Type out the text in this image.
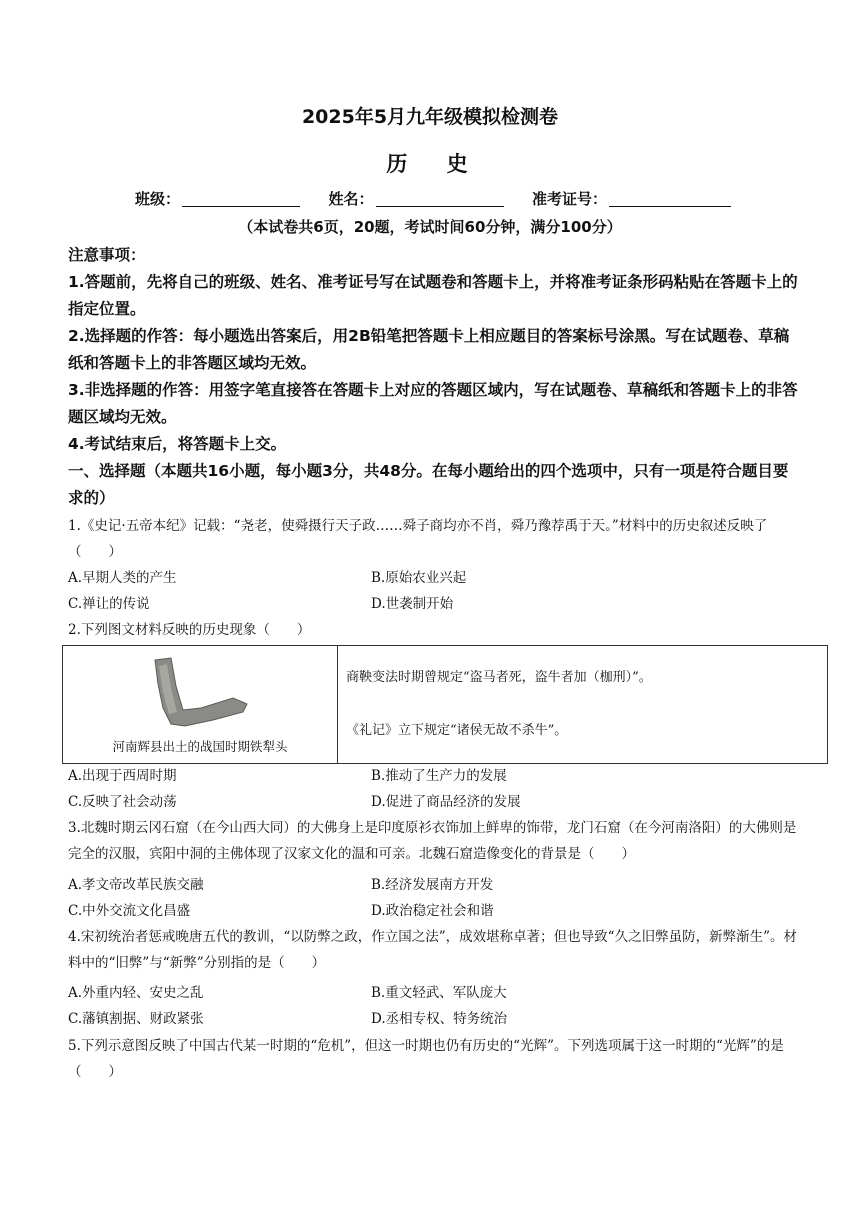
2025年5月九年级模拟检测卷
历 史
班级：	姓名：	准考证号：
（本试卷共6页，20题，考试时间60分钟，满分100分）

注意事项：

1.答题前，先将自己的班级、姓名、准考证号写在试题卷和答题卡上，并将准考证条形码粘贴在答题卡上的指定位置。

2.选择题的作答：每小题选出答案后，用2B铅笔把答题卡上相应题目的答案标号涂黑。写在试题卷、草稿纸和答题卡上的非答题区域均无效。

3.非选择题的作答：用签字笔直接答在答题卡上对应的答题区域内，写在试题卷、草稿纸和答题卡上的非答题区域均无效。

4.考试结束后，将答题卡上交。

一、选择题（本题共16小题，每小题3分，共48分。在每小题给出的四个选项中，只有一项是符合题目要求的）

1.《史记·五帝本纪》记载：“尧老，使舜摄行天子政……舜子商均亦不肖，舜乃豫荐禹于天。”材料中的历史叙述反映了（　　）

A.早期人类的产生	B.原始农业兴起
C.禅让的传说	D.世袭制开始

2.下列图文材料反映的历史现象（　　）

河南辉县出土的战国时期铁犁头

商鞅变法时期曾规定“盗马者死，盗牛者加（枷刑）”。

《礼记》立下规定“诸侯无故不杀牛”。

A.出现于西周时期	B.推动了生产力的发展
C.反映了社会动荡	D.促进了商品经济的发展

3.北魏时期云冈石窟（在今山西大同）的大佛身上是印度原衫衣饰加上鲜卑的饰带，龙门石窟（在今河南洛阳）的大佛则是完全的汉服，宾阳中洞的主佛体现了汉家文化的温和可亲。北魏石窟造像变化的背景是（　　）

A.孝文帝改革民族交融	B.经济发展南方开发
C.中外交流文化昌盛	D.政治稳定社会和谐

4.宋初统治者惩戒晚唐五代的教训，“以防弊之政，作立国之法”，成效堪称卓著；但也导致“久之旧弊虽防，新弊渐生”。材料中的“旧弊”与“新弊”分别指的是（　　）

A.外重内轻、安史之乱	B.重文轻武、军队庞大
C.藩镇割据、财政紧张	D.丞相专权、特务统治

5.下列示意图反映了中国古代某一时期的“危机”，但这一时期也仍有历史的“光辉”。下列选项属于这一时期的“光辉”的是（　　）
